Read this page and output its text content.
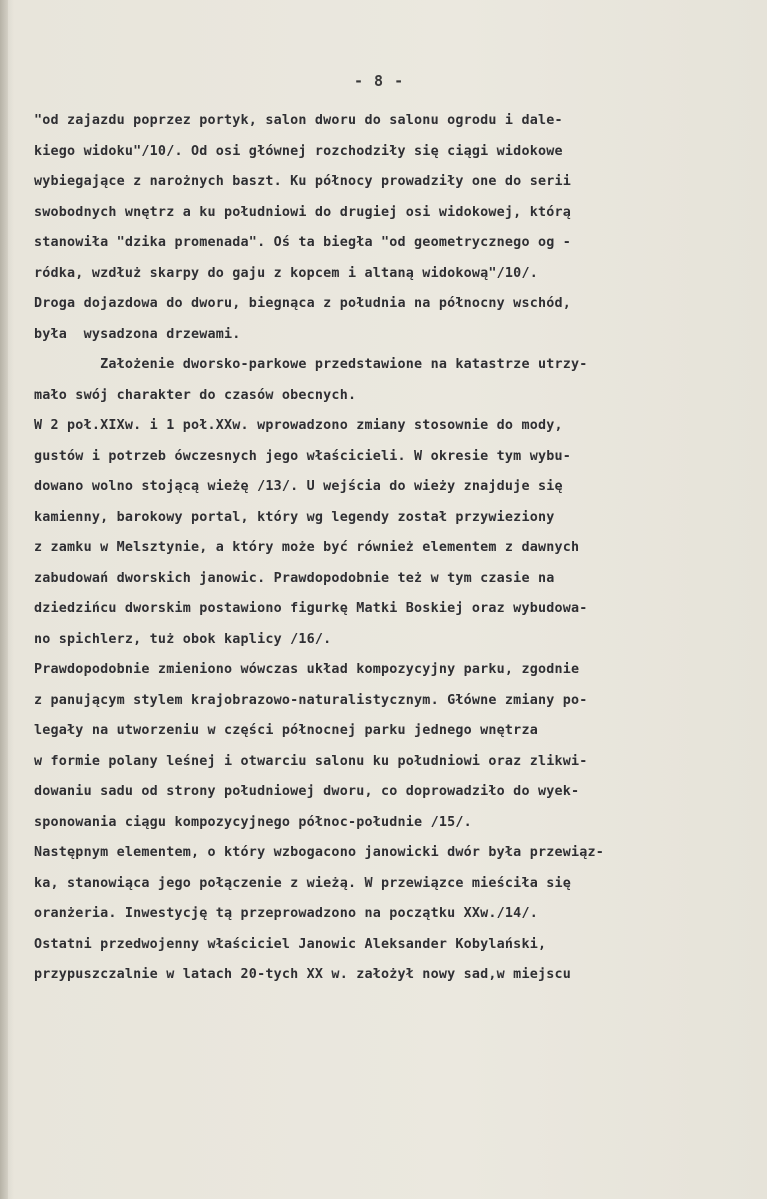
- 8 -
"od zajazdu poprzez portyk, salon dworu do salonu ogrodu i dale-
kiego widoku"/10/. Od osi głównej rozchodziły się ciągi widokowe
wybiegające z narożnych baszt. Ku północy prowadziły one do serii
swobodnych wnętrz a ku południowi do drugiej osi widokowej, którą
stanowiła "dzika promenada". Oś ta biegła "od geometrycznego og -
ródka, wzdłuż skarpy do gaju z kopcem i altaną widokową"/10/.
Droga dojazdowa do dworu, biegnąca z południa na północny wschód,
była  wysadzona drzewami.
Założenie dworsko-parkowe przedstawione na katastrze utrzy-
mało swój charakter do czasów obecnych.
W 2 poł.XIXw. i 1 poł.XXw. wprowadzono zmiany stosownie do mody,
gustów i potrzeb ówczesnych jego właścicieli. W okresie tym wybu-
dowano wolno stojącą wieżę /13/. U wejścia do wieży znajduje się
kamienny, barokowy portal, który wg legendy został przywieziony
z zamku w Melsztynie, a który może być również elementem z dawnych
zabudowań dworskich janowic. Prawdopodobnie też w tym czasie na
dziedzińcu dworskim postawiono figurkę Matki Boskiej oraz wybudowa-
no spichlerz, tuż obok kaplicy /16/.
Prawdopodobnie zmieniono wówczas układ kompozycyjny parku, zgodnie
z panującym stylem krajobrazowo-naturalistycznym. Główne zmiany po-
legały na utworzeniu w części północnej parku jednego wnętrza
w formie polany leśnej i otwarciu salonu ku południowi oraz zlikwi-
dowaniu sadu od strony południowej dworu, co doprowadziło do wyek-
sponowania ciągu kompozycyjnego północ-południe /15/.
Następnym elementem, o który wzbogacono janowicki dwór była przewiąz-
ka, stanowiąca jego połączenie z wieżą. W przewiązce mieściła się
oranżeria. Inwestycję tą przeprowadzono na początku XXw./14/.
Ostatni przedwojenny właściciel Janowic Aleksander Kobylański,
przypuszczalnie w latach 20-tych XX w. założył nowy sad,w miejscu
